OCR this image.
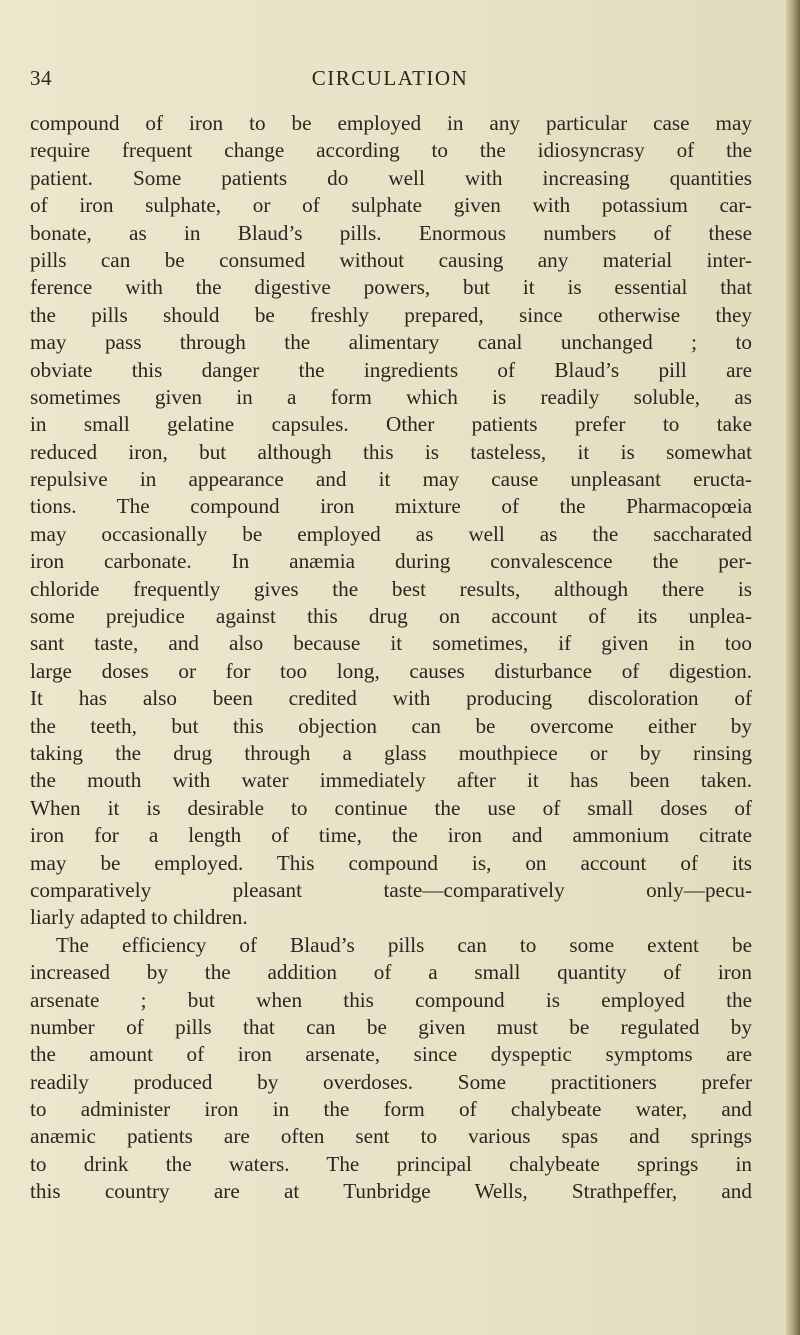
34	CIRCULATION
compound of iron to be employed in any particular case may
require frequent change according to the idiosyncrasy of the
patient. Some patients do well with increasing quantities
of iron sulphate, or of sulphate given with potassium car-
bonate, as in Blaud’s pills. Enormous numbers of these
pills can be consumed without causing any material inter-
ference with the digestive powers, but it is essential that
the pills should be freshly prepared, since otherwise they
may pass through the alimentary canal unchanged ; to
obviate this danger the ingredients of Blaud’s pill are
sometimes given in a form which is readily soluble, as
in small gelatine capsules. Other patients prefer to take
reduced iron, but although this is tasteless, it is somewhat
repulsive in appearance and it may cause unpleasant eructa-
tions. The compound iron mixture of the Pharmacopœia
may occasionally be employed as well as the saccharated
iron carbonate. In anæmia during convalescence the per-
chloride frequently gives the best results, although there is
some prejudice against this drug on account of its unplea-
sant taste, and also because it sometimes, if given in too
large doses or for too long, causes disturbance of digestion.
It has also been credited with producing discoloration of
the teeth, but this objection can be overcome either by
taking the drug through a glass mouthpiece or by rinsing
the mouth with water immediately after it has been taken.
When it is desirable to continue the use of small doses of
iron for a length of time, the iron and ammonium citrate
may be employed. This compound is, on account of its
comparatively pleasant taste—comparatively only—pecu-
liarly adapted to children.
The efficiency of Blaud’s pills can to some extent be
increased by the addition of a small quantity of iron
arsenate ; but when this compound is employed the
number of pills that can be given must be regulated by
the amount of iron arsenate, since dyspeptic symptoms are
readily produced by overdoses. Some practitioners prefer
to administer iron in the form of chalybeate water, and
anæmic patients are often sent to various spas and springs
to drink the waters. The principal chalybeate springs in
this country are at Tunbridge Wells, Strathpeffer, and
